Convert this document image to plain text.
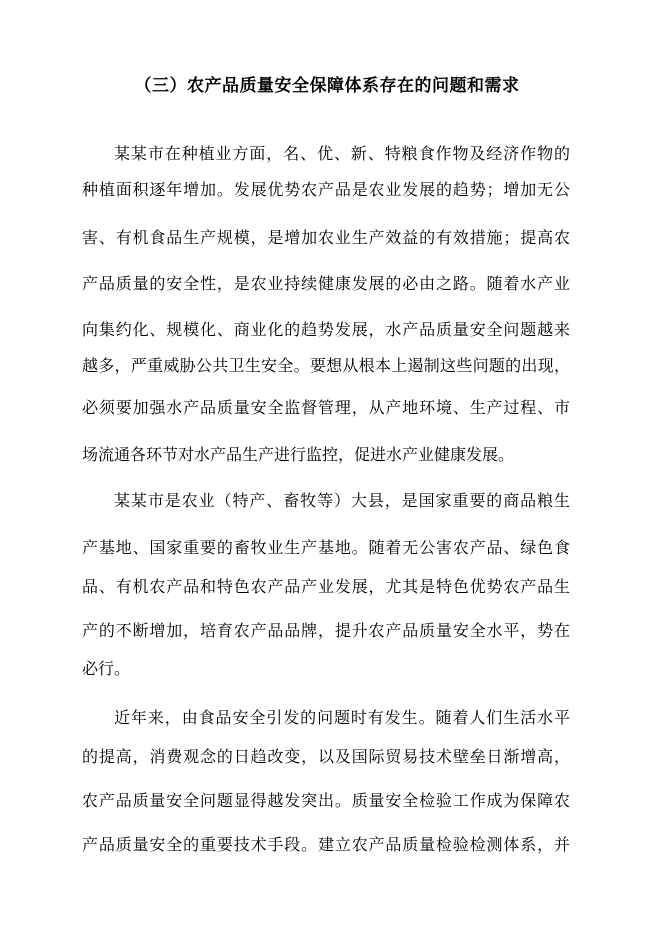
（三）农产品质量安全保障体系存在的问题和需求
某某市在种植业方面，名、优、新、特粮食作物及经济作物的
种植面积逐年增加。发展优势农产品是农业发展的趋势；增加无公
害、有机食品生产规模，是增加农业生产效益的有效措施；提高农
产品质量的安全性，是农业持续健康发展的必由之路。随着水产业
向集约化、规模化、商业化的趋势发展，水产品质量安全问题越来
越多，严重威胁公共卫生安全。要想从根本上遏制这些问题的出现，
必须要加强水产品质量安全监督管理，从产地环境、生产过程、市
场流通各环节对水产品生产进行监控，促进水产业健康发展。
某某市是农业（特产、畜牧等）大县，是国家重要的商品粮生
产基地、国家重要的畜牧业生产基地。随着无公害农产品、绿色食
品、有机农产品和特色农产品产业发展，尤其是特色优势农产品生
产的不断增加，培育农产品品牌，提升农产品质量安全水平，势在
必行。
近年来，由食品安全引发的问题时有发生。随着人们生活水平
的提高，消费观念的日趋改变，以及国际贸易技术壁垒日渐增高，
农产品质量安全问题显得越发突出。质量安全检验工作成为保障农
产品质量安全的重要技术手段。建立农产品质量检验检测体系，并
